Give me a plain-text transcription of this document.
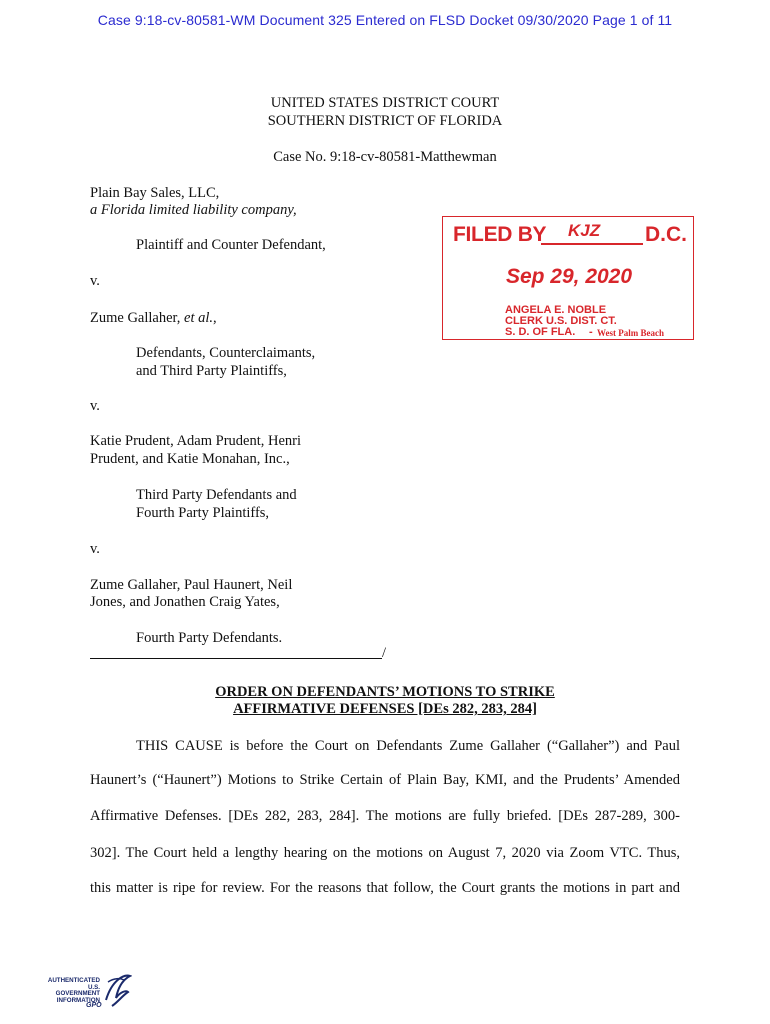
Case 9:18-cv-80581-WM Document 325 Entered on FLSD Docket 09/30/2020 Page 1 of 11
UNITED STATES DISTRICT COURT
SOUTHERN DISTRICT OF FLORIDA
Case No. 9:18-cv-80581-Matthewman
Plain Bay Sales, LLC,
a Florida limited liability company,
Plaintiff and Counter Defendant,
v.
Zume Gallaher, et al.,
Defendants, Counterclaimants,
and Third Party Plaintiffs,
v.
Katie Prudent, Adam Prudent, Henri
Prudent, and Katie Monahan, Inc.,
Third Party Defendants and
Fourth Party Plaintiffs,
v.
Zume Gallaher, Paul Haunert, Neil
Jones, and Jonathen Craig Yates,
Fourth Party Defendants.
/
FILED BY KJZ D.C.
Sep 29, 2020
ANGELA E. NOBLE
CLERK U.S. DIST. CT.
S. D. OF FLA. - West Palm Beach
ORDER ON DEFENDANTS’ MOTIONS TO STRIKE
AFFIRMATIVE DEFENSES [DEs 282, 283, 284]
THIS CAUSE is before the Court on Defendants Zume Gallaher (“Gallaher”) and Paul
Haunert’s (“Haunert”) Motions to Strike Certain of Plain Bay, KMI, and the Prudents’ Amended
Affirmative Defenses. [DEs 282, 283, 284]. The motions are fully briefed. [DEs 287-289, 300-
302]. The Court held a lengthy hearing on the motions on August 7, 2020 via Zoom VTC. Thus,
this matter is ripe for review. For the reasons that follow, the Court grants the motions in part and
AUTHENTICATED
U.S. GOVERNMENT
INFORMATION
GPO
